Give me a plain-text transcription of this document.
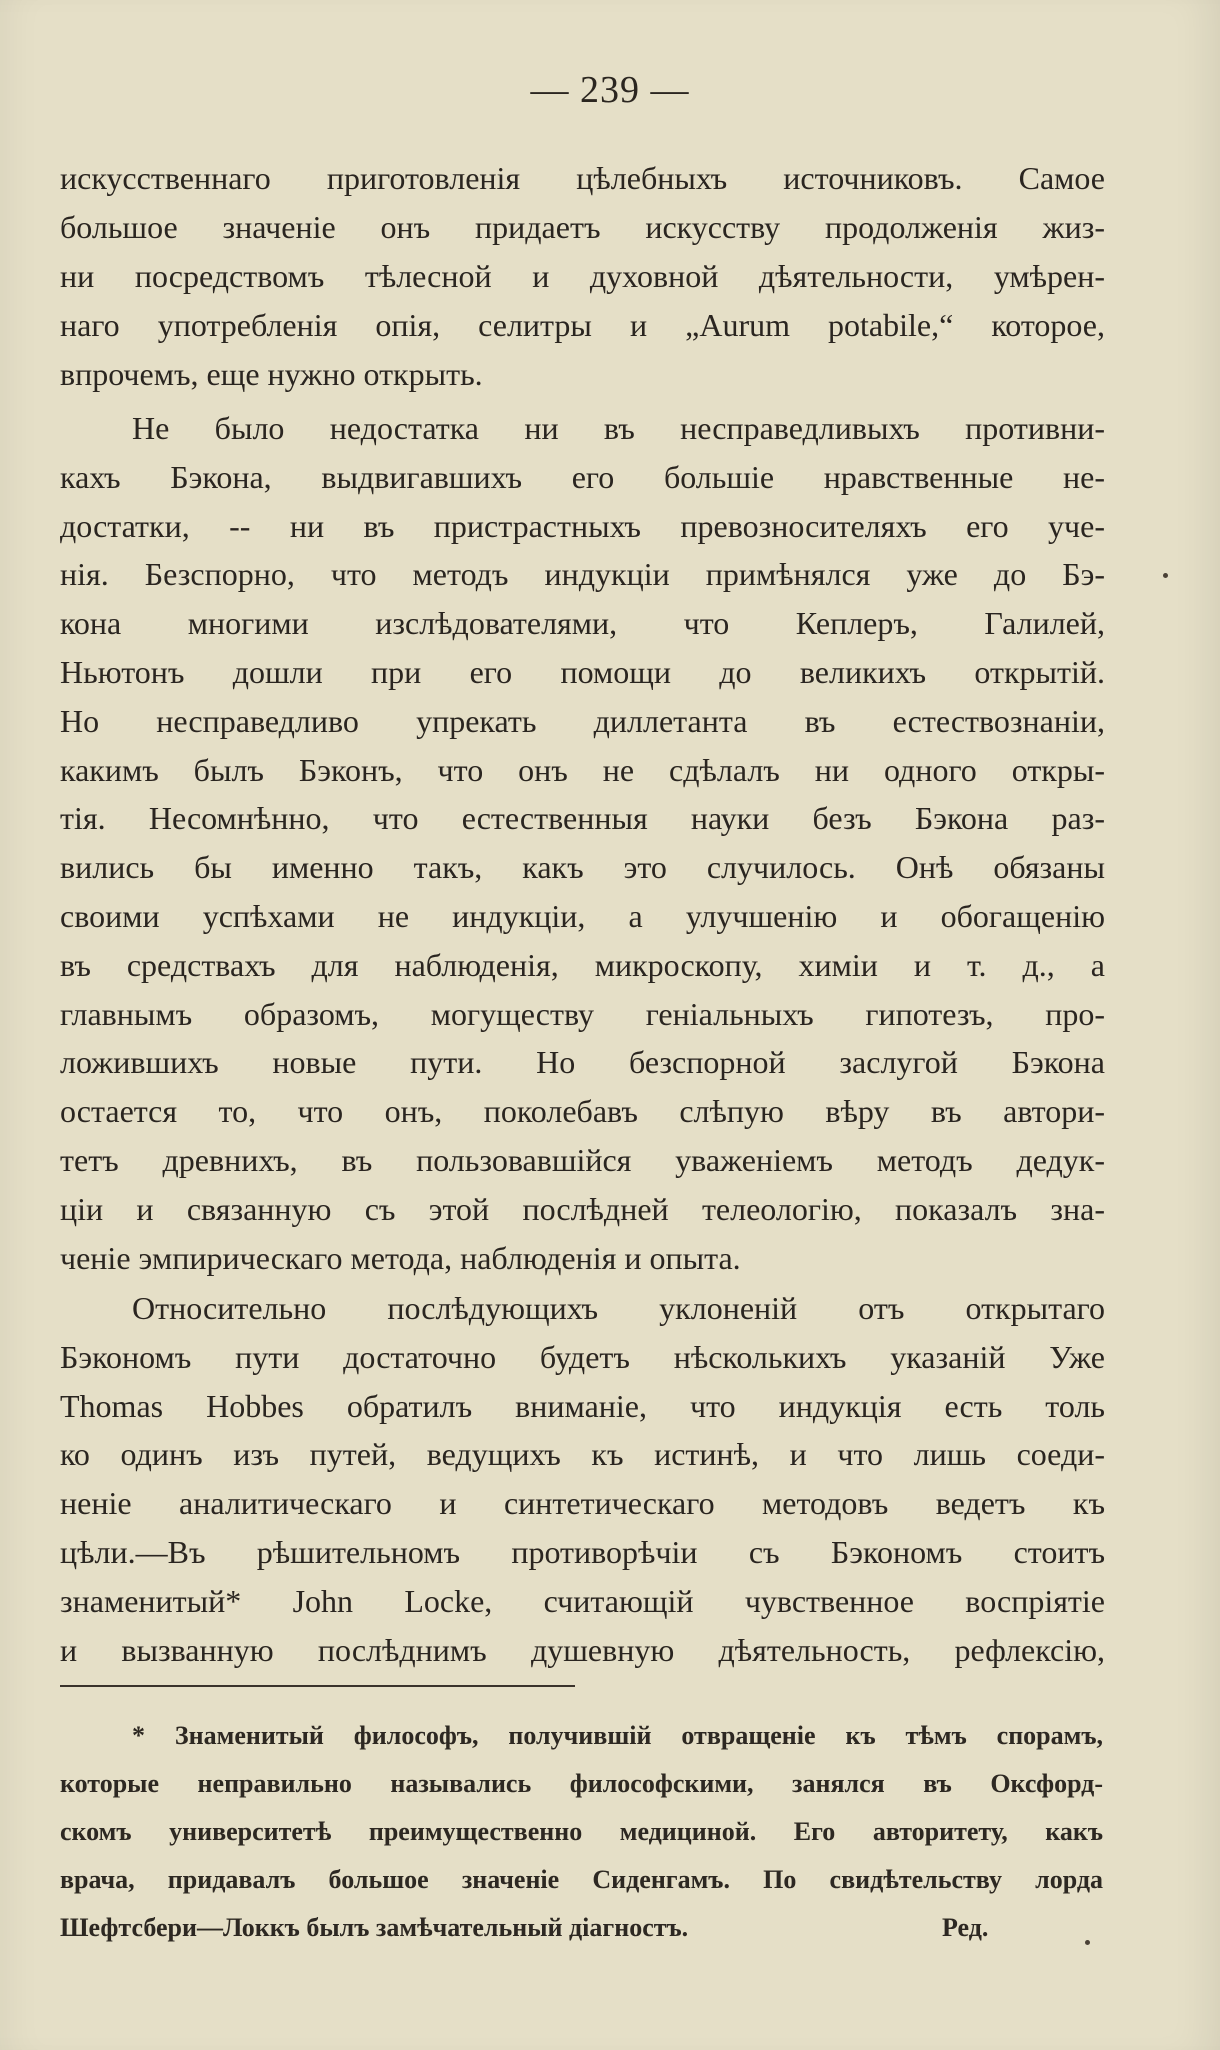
— 239 —
искусственнаго приготовленія цѣлебныхъ источниковъ. Самое
большое значеніе онъ придаетъ искусству продолженія жиз-
ни посредствомъ тѣлесной и духовной дѣятельности, умѣрен-
наго употребленія опія, селитры и „Aurum potabile,“ которое,
впрочемъ, еще нужно открыть.
Не было недостатка ни въ несправедливыхъ противни-
кахъ Бэкона, выдвигавшихъ его большіе нравственные не-
достатки, -- ни въ пристрастныхъ превозносителяхъ его уче-
нія. Безспорно, что методъ индукціи примѣнялся уже до Бэ-
кона многими изслѣдователями, что Кеплеръ, Галилей,
Ньютонъ дошли при его помощи до великихъ открытій.
Но несправедливо упрекать диллетанта въ естествознаніи,
какимъ былъ Бэконъ, что онъ не сдѣлалъ ни одного откры-
тія. Несомнѣнно, что естественныя науки безъ Бэкона раз-
вились бы именно такъ, какъ это случилось. Онѣ обязаны
своими успѣхами не индукціи, а улучшенію и обогащенію
въ средствахъ для наблюденія, микроскопу, химіи и т. д., а
главнымъ образомъ, могуществу геніальныхъ гипотезъ, про-
ложившихъ новые пути. Но безспорной заслугой Бэкона
остается то, что онъ, поколебавъ слѣпую вѣру въ автори-
тетъ древнихъ, въ пользовавшійся уваженіемъ методъ дедук-
ціи и связанную съ этой послѣдней телеологію, показалъ зна-
ченіе эмпирическаго метода, наблюденія и опыта.
Относительно послѣдующихъ уклоненій отъ открытаго
Бэкономъ пути достаточно будетъ нѣсколькихъ указаній Уже
Thomas Hobbes обратилъ вниманіе, что индукція есть толь
ко одинъ изъ путей, ведущихъ къ истинѣ, и что лишь соеди-
неніе аналитическаго и синтетическаго методовъ ведетъ къ
цѣли.—Въ рѣшительномъ противорѣчіи съ Бэкономъ стоитъ
знаменитый* John Locke, считающій чувственное воспріятіе
и вызванную послѣднимъ душевную дѣятельность, рефлексію,
* Знаменитый философъ, получившій отвращеніе къ тѣмъ спорамъ,
которые неправильно назывались философскими, занялся въ Оксфорд-
скомъ университетѣ преимущественно медициной. Его авторитету, какъ
врача, придавалъ большое значеніе Сиденгамъ. По свидѣтельству лорда
Шефтсбери—Локкъ былъ замѣчательный діагностъ.	Ред.
